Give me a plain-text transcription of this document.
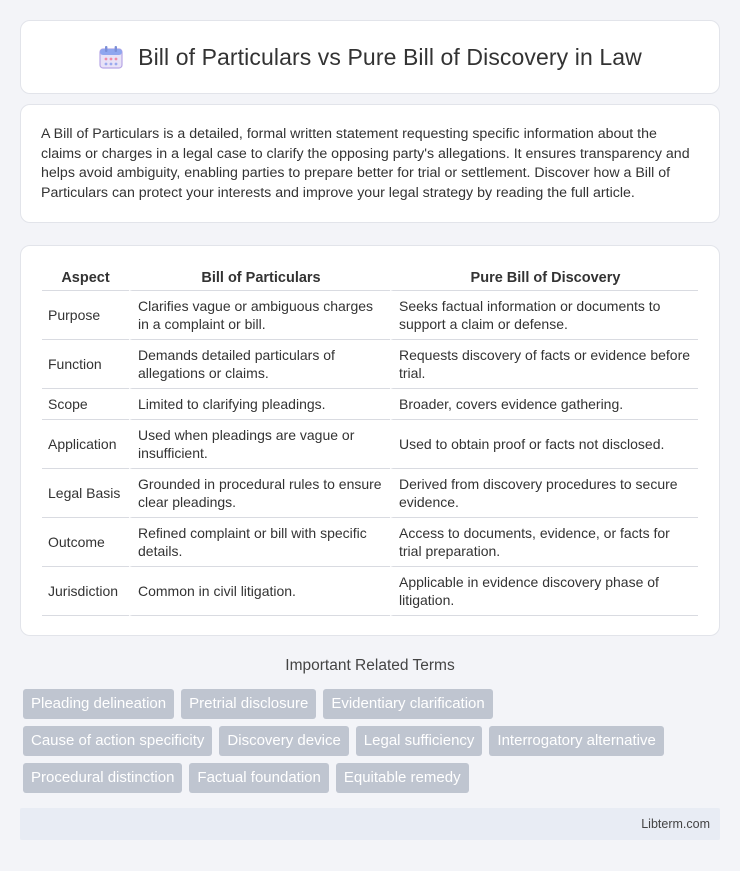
Bill of Particulars vs Pure Bill of Discovery in Law

A Bill of Particulars is a detailed, formal written statement requesting specific information about the claims or charges in a legal case to clarify the opposing party's allegations. It ensures transparency and helps avoid ambiguity, enabling parties to prepare better for trial or settlement. Discover how a Bill of Particulars can protect your interests and improve your legal strategy by reading the full article.

Aspect	Bill of Particulars	Pure Bill of Discovery
Purpose	Clarifies vague or ambiguous charges in a complaint or bill.	Seeks factual information or documents to support a claim or defense.
Function	Demands detailed particulars of allegations or claims.	Requests discovery of facts or evidence before trial.
Scope	Limited to clarifying pleadings.	Broader, covers evidence gathering.
Application	Used when pleadings are vague or insufficient.	Used to obtain proof or facts not disclosed.
Legal Basis	Grounded in procedural rules to ensure clear pleadings.	Derived from discovery procedures to secure evidence.
Outcome	Refined complaint or bill with specific details.	Access to documents, evidence, or facts for trial preparation.
Jurisdiction	Common in civil litigation.	Applicable in evidence discovery phase of litigation.
Important Related Terms
Pleading delineation	Pretrial disclosure	Evidentiary clarification
Cause of action specificity	Discovery device	Legal sufficiency	Interrogatory alternative
Procedural distinction	Factual foundation	Equitable remedy
Libterm.com
